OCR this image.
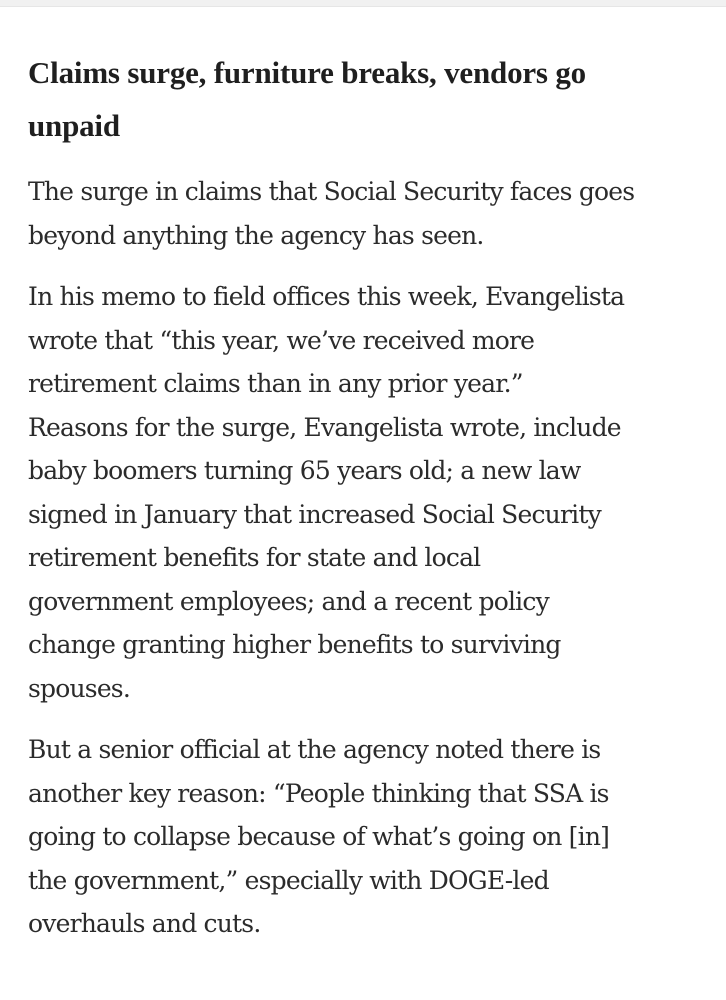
Claims surge, furniture breaks, vendors go
unpaid

The surge in claims that Social Security faces goes
beyond anything the agency has seen.

In his memo to field offices this week, Evangelista
wrote that “this year, we’ve received more
retirement claims than in any prior year.”
Reasons for the surge, Evangelista wrote, include
baby boomers turning 65 years old; a new law
signed in January that increased Social Security
retirement benefits for state and local
government employees; and a recent policy
change granting higher benefits to surviving
spouses.

But a senior official at the agency noted there is
another key reason: “People thinking that SSA is
going to collapse because of what’s going on [in]
the government,” especially with DOGE-led
overhauls and cuts.
